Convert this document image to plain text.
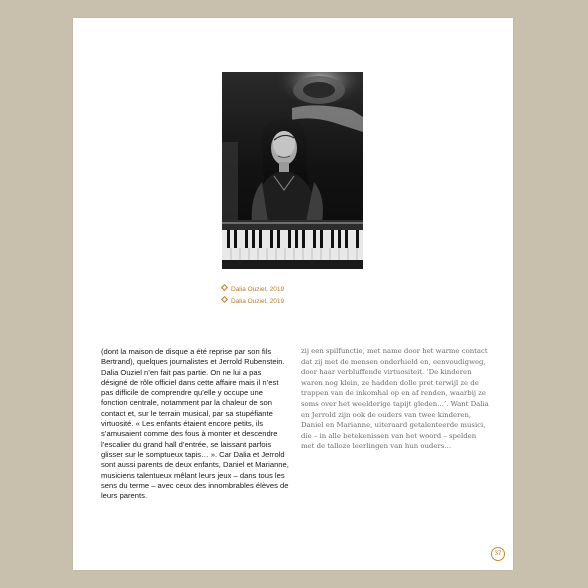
Dalia Ouziel, 2019
Dalia Ouziel, 2019

(dont la maison de disque a été reprise par son fils Bertrand), quelques journalistes et Jerrold Rubenstein. Dalia Ouziel n’en fait pas partie. On ne lui a pas désigné de rôle officiel dans cette affaire mais il n’est pas difficile de comprendre qu’elle y occupe une fonction centrale, notamment par la chaleur de son contact et, sur le terrain musical, par sa stupéfiante virtuosité. « Les enfants étaient encore petits, ils s’amusaient comme des fous à monter et descendre l’escalier du grand hall d’entrée, se laissant parfois glisser sur le somptueux tapis… ». Car Dalia et Jerrold sont aussi parents de deux enfants, Daniel et Marianne, musiciens talentueux mêlant leurs jeux – dans tous les sens du terme – avec ceux des innombrables élèves de leurs parents.

zij een spilfunctie, met name door het warme contact dat zij met de mensen onderhield en, eenvoudigweg, door haar verbluffende virtuositeit. ‘De kinderen waren nog klein, ze hadden dolle pret terwijl ze de trappen van de inkomhal op en af renden, waarbij ze soms over het weelderige tapijt gleden…’. Want Dalia en Jerrold zijn ook de ouders van twee kinderen, Daniel en Marianne, uiteraard getalenteerde musici, die – in alle betekenissen van het woord – spelden met de talloze leerlingen van hun ouders…

37
